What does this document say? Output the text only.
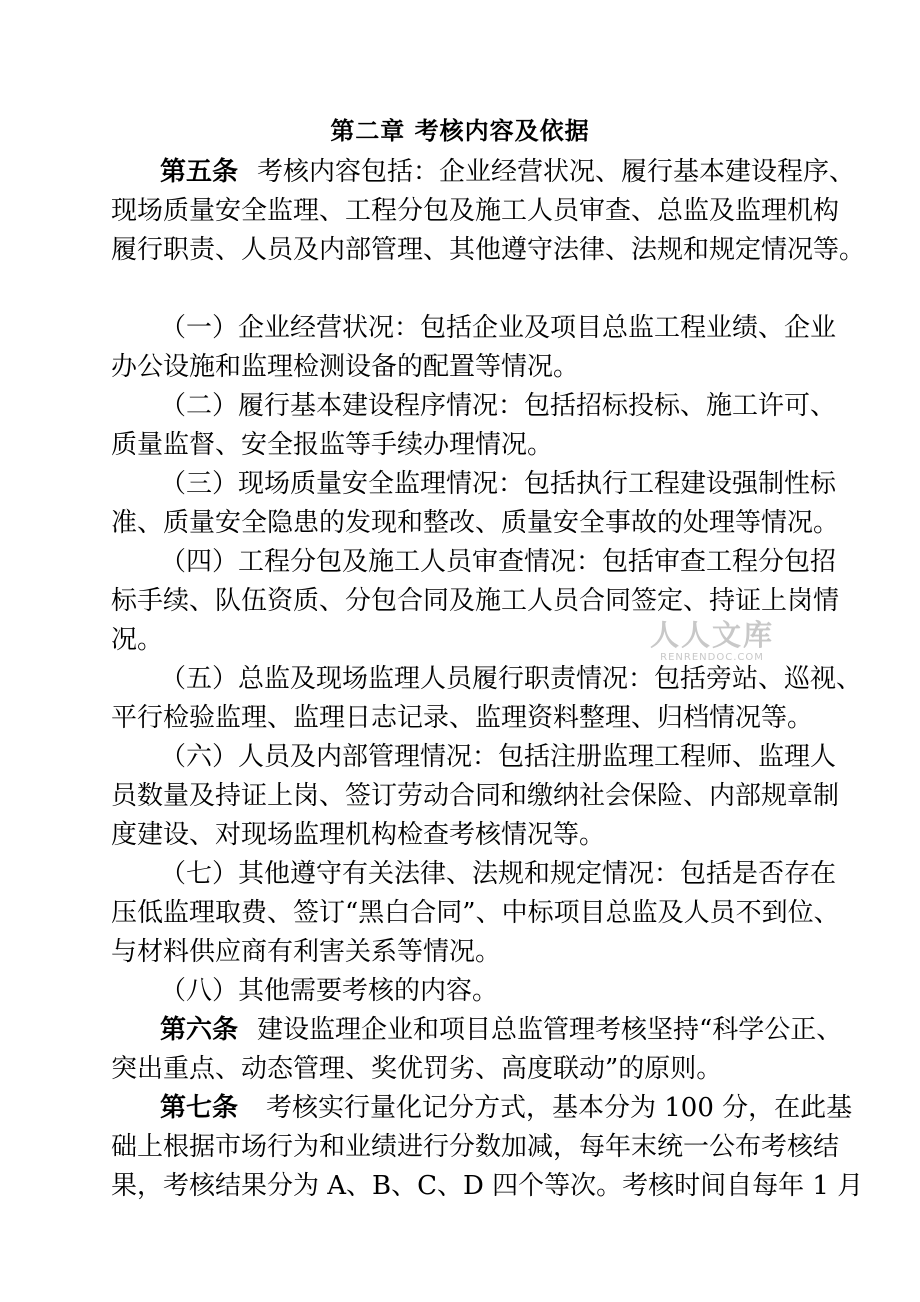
第二章 考核内容及依据
第五条 考核内容包括：企业经营状况、履行基本建设程序、
现场质量安全监理、工程分包及施工人员审查、总监及监理机构
履行职责、人员及内部管理、其他遵守法律、法规和规定情况等。
（一）企业经营状况：包括企业及项目总监工程业绩、企业
办公设施和监理检测设备的配置等情况。
（二）履行基本建设程序情况：包括招标投标、施工许可、
质量监督、安全报监等手续办理情况。
（三）现场质量安全监理情况：包括执行工程建设强制性标
准、质量安全隐患的发现和整改、质量安全事故的处理等情况。
（四）工程分包及施工人员审查情况：包括审查工程分包招
标手续、队伍资质、分包合同及施工人员合同签定、持证上岗情
况。
（五）总监及现场监理人员履行职责情况：包括旁站、巡视、
平行检验监理、监理日志记录、监理资料整理、归档情况等。
（六）人员及内部管理情况：包括注册监理工程师、监理人
员数量及持证上岗、签订劳动合同和缴纳社会保险、内部规章制
度建设、对现场监理机构检查考核情况等。
（七）其他遵守有关法律、法规和规定情况：包括是否存在
压低监理取费、签订“黑白合同”、中标项目总监及人员不到位、
与材料供应商有利害关系等情况。
（八）其他需要考核的内容。
第六条 建设监理企业和项目总监管理考核坚持“科学公正、
突出重点、动态管理、奖优罚劣、高度联动”的原则。
第七条 考核实行量化记分方式，基本分为 100 分，在此基
础上根据市场行为和业绩进行分数加减，每年末统一公布考核结
果，考核结果分为 A、B、C、D 四个等次。考核时间自每年 1 月
人人文库
RENRENDOC.COM
